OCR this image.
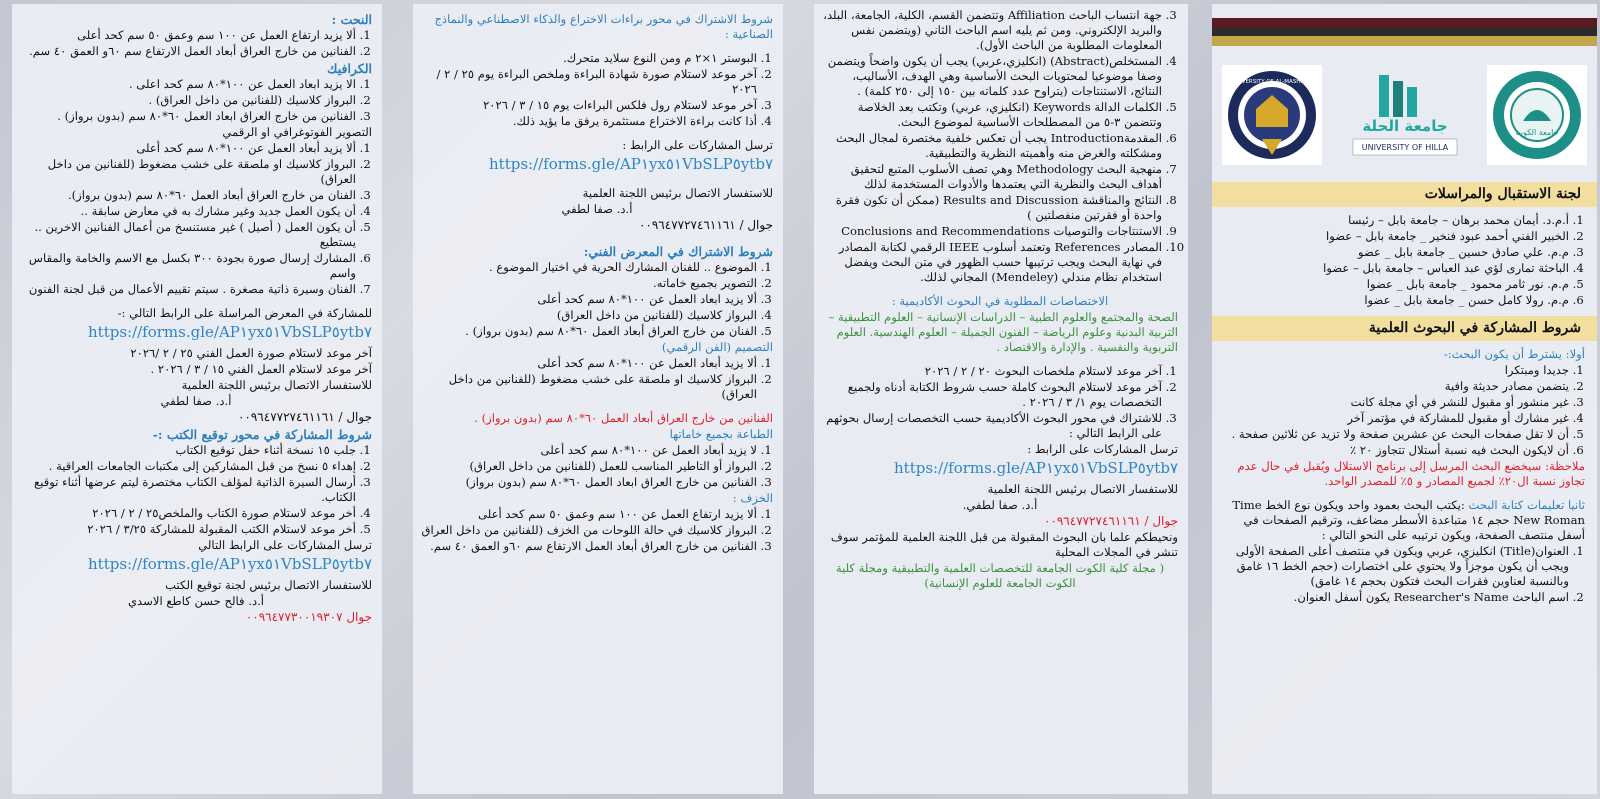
النحت :
1. ألا يزيد ارتفاع العمل عن ١٠٠ سم وعمق ٥٠ سم كحد أعلى
2. الفنانين من خارج العراق أبعاد العمل الارتفاع سم ٦٠و العمق ٤٠ سم.
الكرافيك
1. الا يزيد ابعاد العمل عن ١٠٠*٨٠ سم كحد اعلى .
2. البرواز كلاسيك (للفنانين من داخل العراق) .
3. الفنانين من خارج العراق ابعاد العمل ٦٠*٨٠ سم (بدون برواز) .
التصوير الفوتوغرافي او الرقمي
1. ألا يزيد أبعاد العمل عن ١٠٠*٨٠ سم كحد أعلى
2. البرواز كلاسيك او ملصقة على خشب مضغوط (للفنانين من داخل العراق)
3. الفنان من خارج العراق أبعاد العمل ٦٠*٨٠ سم (بدون برواز).
4. أن يكون العمل جديد وغير مشارك به في معارض سابقة ..
5. أن يكون العمل ( أصيل ) غير مستنسخ من أعمال الفنانين الاخرين .. يستطيع
6. المشارك إرسال صورة بجودة ٣٠٠ بكسل مع الاسم والخامة والمقاس واسم
7. الفنان وسيرة ذاتية مصغرة . سيتم تقييم الأعمال من قبل لجنة الفنون
للمشاركة في المعرض المراسلة على الرابط التالي :-
https://forms.gle/AP١yx٥١VbSLP٥ytb٧
آخر موعد لاستلام صورة العمل الفني ٢٥ / ٢ /٢٠٢٦
آخر موعد لاستلام العمل الفني ١٥ / ٣ / ٢٠٢٦ .
للاستفسار الاتصال برئيس اللجنة العلمية
أ.د. صفا لطفي
جوال / ٠٠٩٦٤٧٧٢٧٤٦١١٦١
شروط المشاركة في محور توقيع الكتب :-
1. جلب ١٥ نسخة أثناء حفل توقيع الكتاب
2. إهداء ٥ نسخ من قبل المشاركين إلى مكتبات الجامعات العراقية .
3. أرسال السيرة الذاتية لمؤلف الكتاب مختصرة ليتم عرضها أثناء توقيع الكتاب.
4. أخر موعد لاستلام صورة الكتاب والملخص٢٥ / ٢ / ٢٠٢٦
5. أخر موعد لاستلام الكتب المقبولة للمشاركة ٣/٢٥ / ٢٠٢٦
ترسل المشاركات على الرابط التالي
https://forms.gle/AP١yx٥١VbSLP٥ytb٧
للاستفسار الاتصال برئيس لجنة توقيع الكتب
أ.د. فالح حسن كاطع الاسدي
جوال ٠٠٩٦٤٧٧٣٠٠١٩٣٠٧
شروط الاشتراك في محور براءات الاختراع والذكاء الاصطناعي والنماذج الصناعية :
1. البوستر ١×٢ م ومن النوع سلايد متحرك.
2. آخر موعد لاستلام صورة شهادة البراءة وملخص البراءة يوم ٢٥ / ٢ / ٢٠٢٦
3. آخر موعد لاستلام رول فلكس البراءات يوم ١٥ / ٣ / ٢٠٢٦
4. أذا كانت براءة الاختراع مستثمرة يرفق ما يؤيد ذلك.
ترسل المشاركات على الرابط :
https://forms.gle/AP١yx٥١VbSLP٥ytb٧
للاستفسار الاتصال برئيس اللجنة العلمية
أ.د. صفا لطفي
جوال / ٠٠٩٦٤٧٧٢٧٤٦١١٦١
شروط الاشتراك في المعرض الفني:
1. الموضوع .. للفنان المشارك الحرية في اختيار الموضوع .
2. التصوير بجميع خاماته.
3. ألا يزيد ابعاد العمل عن ١٠٠*٨٠ سم كحد أعلى
4. البرواز كلاسيك (للفنانين من داخل العراق)
5. الفنان من خارج العراق أبعاد العمل ٦٠*٨٠ سم (بدون برواز) .
التصميم (الفن الرقمي)
1. ألا يزيد أبعاد العمل عن ١٠٠*٨٠ سم كحد أعلى
2. البرواز كلاسيك او ملصقة على خشب مضغوط (للفنانين من داخل العراق)
الفنانين من خارج العراق أبعاد العمل ٦٠*٨٠ سم (بدون برواز) .
الطباعة بجميع خاماتها
1. لا يزيد أبعاد العمل عن ١٠٠*٨٠ سم كحد أعلى
2. البرواز أو التاطير المناسب للعمل (للفنانين من داخل العراق)
3. الفنانين من خارج العراق ابعاد العمل ٦٠*٨٠ سم (بدون برواز)
الخزف :
1. ألا يزيد ارتفاع العمل عن ١٠٠ سم وعمق ٥٠ سم كحد أعلى
2. البرواز كلاسيك في حالة اللوحات من الخزف (للفنانين من داخل العراق
3. الفنانين من خارج العراق أبعاد العمل الارتفاع سم ٦٠و العمق ٤٠ سم.
3. جهة انتساب الباحث Affiliation وتتضمن القسم، الكلية، الجامعة، البلد، والبريد الإلكتروني. ومن ثم يليه اسم الباحث الثاني (ويتضمن نفس المعلومات المطلوبة من الباحث الأول).
4. المستخلص(Abstract) (انكليزي،عربي) يجب أن يكون واضحاً ويتضمن وصفا موضوعيا لمحتويات البحث الأساسية وهي الهدف، الأساليب، النتائج، الاستنتاجات (يتراوح عدد كلماته بين ١٥٠ إلى ٢٥٠ كلمة) .
5. الكلمات الدالة Keywords (انكليزي، عربي) وتكتب بعد الخلاصة وتتضمن ٣-٥ من المصطلحات الأساسية لموضوع البحث.
6. المقدمةIntroduction يجب أن تعكس خلفية مختصرة لمجال البحث ومشكلته والغرض منه وأهميته النظرية والتطبيقية.
7. منهجية البحث Methodology وهي تصف الأسلوب المتبع لتحقيق أهداف البحث والنظرية التي يعتمدها والأدوات المستخدمة لذلك
8. النتائج والمناقشة Results and Discussion (ممكن أن تكون فقرة واحدة أو فقرتين منفصلتين )
9. الاستنتاجات والتوصيات Conclusions and Recommendations
10. المصادر References وتعتمد أسلوب IEEE الرقمي لكتابة المصادر في نهاية البحث ويجب ترتيبها حسب الظهور في متن البحث ويفضل استخدام نظام مندلي (Mendeley) المجاني لذلك.
الاختصاصات المطلوبة في البحوث الأكاديمية :
الصحة والمجتمع والعلوم الطبية – الدراسات الإنسانية – العلوم التطبيقية – التربية البدنية وعلوم الرياضة – الفنون الجميلة – العلوم الهندسية. العلوم التربوية والنفسية . والإدارة والاقتصاد .
1. آخر موعد لاستلام ملخصات البحوث ٢٠ / ٢ / ٢٠٢٦
2. آخر موعد لاستلام البحوث كاملة حسب شروط الكتابة أدناه ولجميع التخصصات يوم ١/ ٣ / ٢٠٢٦ .
3. للاشتراك في محور البحوث الأكاديمية حسب التخصصات إرسال بحوثهم على الرابط التالي :
ترسل المشاركات على الرابط :
https://forms.gle/AP١yx٥١VbSLP٥ytb٧
للاستفسار الاتصال برئيس اللجنة العلمية
أ.د. صفا لطفي.
جوال / ٠٠٩٦٤٧٧٢٧٤٦١١٦١
ونحيطكم علما بان البحوث المقبولة من قبل اللجنة العلمية للمؤتمر سوف تنشر في المجلات المحلية
( مجلة كلية الكوت الجامعة للتخصصات العلمية والتطبيقية ومجلة كلية الكوت الجامعة للعلوم الإنسانية)
UNIVERSITY OF AL-MASHREQ
جامعة الحلة
UNIVERSITY OF HILLA
جامعة الكوت
لجنة الاستقبال والمراسلات
1. أ.م.د. أيمان محمد برهان – جامعة بابل – رئيسا
2. الخبير الفني أحمد عبود فنخير _ جامعة بابل – عضوا
3. م.م. علي صادق حسين _ جامعة بابل _ عضو
4. الباحثة تمارى لؤي عبد العباس – جامعة بابل – عضوا
5. م.م. نور ثامر محمود _ جامعة بابل _ عضوا
6. م.م. رولا كامل حسن _ جامعة بابل _ عضوا
شروط المشاركة في البحوث العلمية
أولا: يشترط أن يكون البحث:-
1. جديدا ومبتكرا
2. يتضمن مصادر حديثة وافية
3. غير منشور أو مقبول للنشر في أي مجلة كانت
4. غير مشارك أو مقبول للمشاركة في مؤتمر آخر
5. أن لا تقل صفحات البحث عن عشرين صفحة ولا تزيد عن ثلاثين صفحة .
6. أن لايكون البحث فيه نسبة أستلال تتجاوز ٢٠ ٪
ملاحظة: سيخضع البحث المرسل إلى برنامج الاستلال ويُقبل في حال عدم تجاوز نسبة ال٢٠٪ لجميع المصادر و ٥٪ للمصدر الواحد.
ثانيا تعليمات كتابة البحث :يكتب البحث بعمود واحد ويكون نوع الخط Time New Roman حجم ١٤ متباعدة الأسطر مضاعف، وترقيم الصفحات في أسفل منتصف الصفحة، ويكون ترتيبه على النحو التالي :
1. العنوان(Title) انكليزي، عربي ويكون في منتصف أعلى الصفحة الأولى ويجب أن يكون موجزاً ولا يحتوي على اختصارات (حجم الخط ١٦ غامق وبالنسبة لعناوين فقرات البحث فتكون بحجم ١٤ غامق)
2. اسم الباحث Researcher's Name يكون أسفل العنوان.
